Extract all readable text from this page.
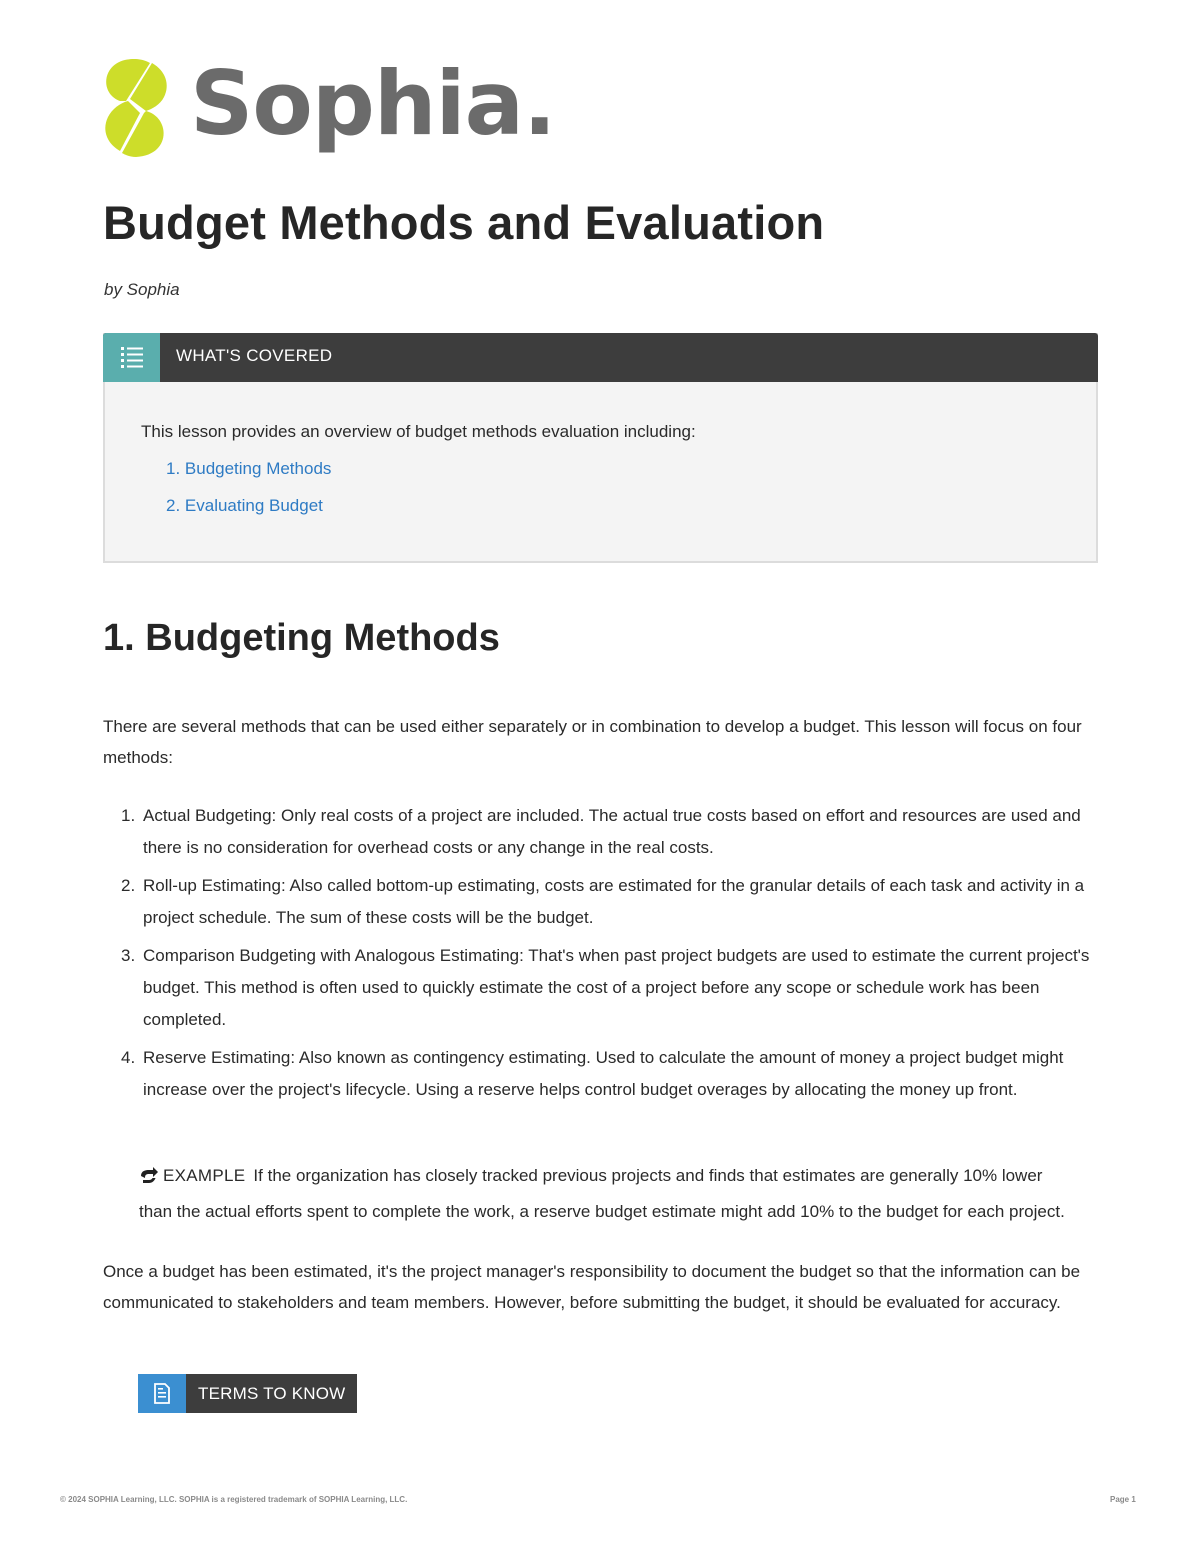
Sophia .
Budget Methods and Evaluation
by Sophia
WHAT'S COVERED
This lesson provides an overview of budget methods evaluation including:
1. Budgeting Methods
2. Evaluating Budget
1. Budgeting Methods

There are several methods that can be used either separately or in combination to develop a budget. This lesson will focus on four methods:

1. Actual Budgeting: Only real costs of a project are included. The actual true costs based on effort and resources are used and there is no consideration for overhead costs or any change in the real costs.
2. Roll-up Estimating: Also called bottom-up estimating, costs are estimated for the granular details of each task and activity in a project schedule. The sum of these costs will be the budget.
3. Comparison Budgeting with Analogous Estimating: That's when past project budgets are used to estimate the current project's budget. This method is often used to quickly estimate the cost of a project before any scope or schedule work has been completed.
4. Reserve Estimating: Also known as contingency estimating. Used to calculate the amount of money a project budget might increase over the project's lifecycle. Using a reserve helps control budget overages by allocating the money up front.
EXAMPLE If the organization has closely tracked previous projects and finds that estimates are generally 10% lower than the actual efforts spent to complete the work, a reserve budget estimate might add 10% to the budget for each project.

Once a budget has been estimated, it's the project manager's responsibility to document the budget so that the information can be communicated to stakeholders and team members. However, before submitting the budget, it should be evaluated for accuracy.

TERMS TO KNOW
© 2024 SOPHIA Learning, LLC. SOPHIA is a registered trademark of SOPHIA Learning, LLC.	Page 1
